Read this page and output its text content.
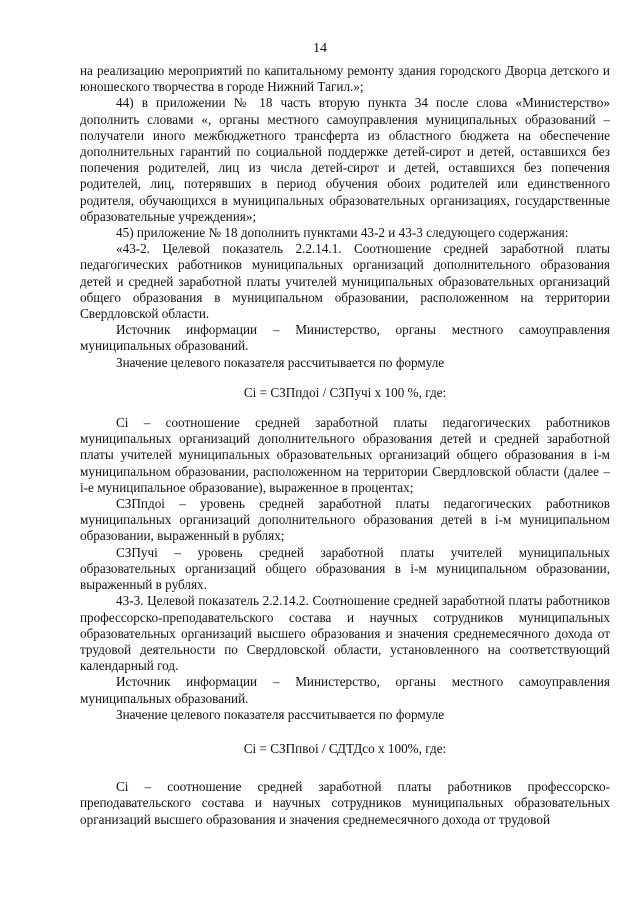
14

на реализацию мероприятий по капитальному ремонту здания городского Дворца детского и юношеского творчества в городе Нижний Тагил.»;

44) в приложении № 18 часть вторую пункта 34 после слова «Министерство» дополнить словами «, органы местного самоуправления муниципальных образований – получатели иного межбюджетного трансферта из областного бюджета на обеспечение дополнительных гарантий по социальной поддержке детей-сирот и детей, оставшихся без попечения родителей, лиц из числа детей-сирот и детей, оставшихся без попечения родителей, лиц, потерявших в период обучения обоих родителей или единственного родителя, обучающихся в муниципальных образовательных организациях, государственные образовательные учреждения»;

45) приложение № 18 дополнить пунктами 43-2 и 43-3 следующего содержания:

«43-2. Целевой показатель 2.2.14.1. Соотношение средней заработной платы педагогических работников муниципальных организаций дополнительного образования детей и средней заработной платы учителей муниципальных образовательных организаций общего образования в муниципальном образовании, расположенном на территории Свердловской области.

Источник информации – Министерство, органы местного самоуправления муниципальных образований.

Значение целевого показателя рассчитывается по формуле

Ci = СЗПпдоi / СЗПучi x 100 %, где:

Ci – соотношение средней заработной платы педагогических работников муниципальных организаций дополнительного образования детей и средней заработной платы учителей муниципальных образовательных организаций общего образования в i-м муниципальном образовании, расположенном на территории Свердловской области (далее – i-е муниципальное образование), выраженное в процентах;

СЗПпдоi – уровень средней заработной платы педагогических работников муниципальных организаций дополнительного образования детей в i-м муниципальном образовании, выраженный в рублях;

СЗПучi – уровень средней заработной платы учителей муниципальных образовательных организаций общего образования в i-м муниципальном образовании, выраженный в рублях.

43-3. Целевой показатель 2.2.14.2. Соотношение средней заработной платы работников профессорско-преподавательского состава и научных сотрудников муниципальных образовательных организаций высшего образования и значения среднемесячного дохода от трудовой деятельности по Свердловской области, установленного на соответствующий календарный год.

Источник информации – Министерство, органы местного самоуправления муниципальных образований.

Значение целевого показателя рассчитывается по формуле

Ci = СЗПпвоi / СДТДсо x 100%, где:

Ci – соотношение средней заработной платы работников профессорско-преподавательского состава и научных сотрудников муниципальных образовательных организаций высшего образования и значения среднемесячного дохода от трудовой
